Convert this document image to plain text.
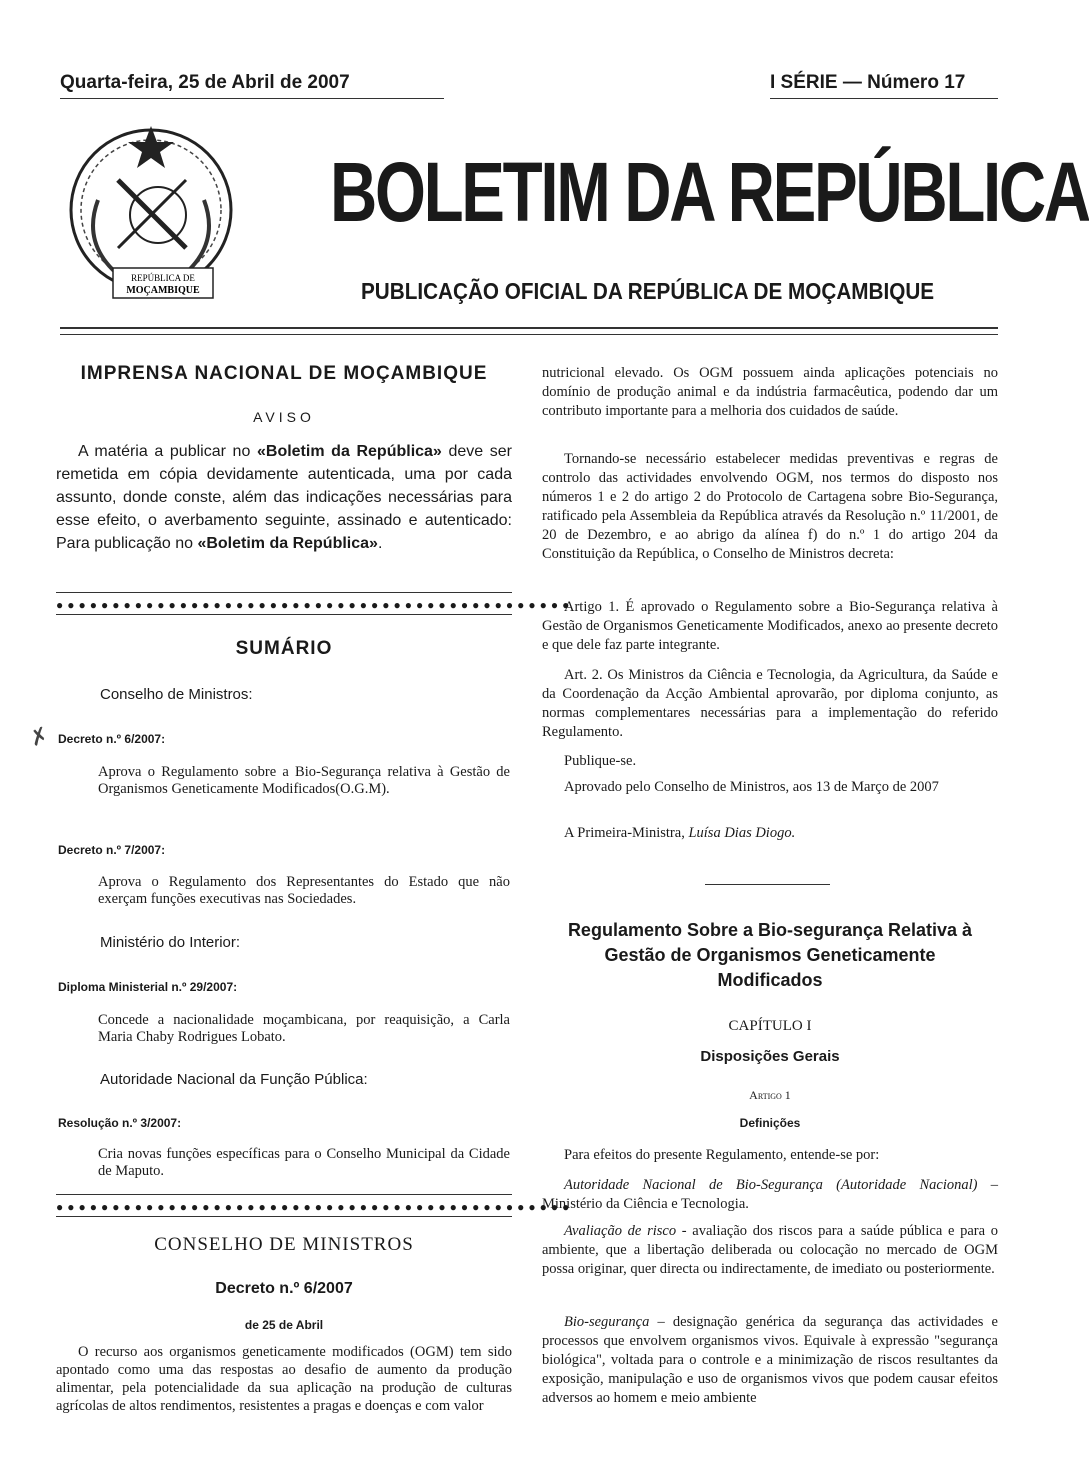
Quarta-feira, 25 de Abril de 2007	I SÉRIE — Número 17
REPÚBLICA DE
MOÇAMBIQUE
BOLETIM DA REPÚBLICA
PUBLICAÇÃO OFICIAL DA REPÚBLICA DE MOÇAMBIQUE
IMPRENSA NACIONAL DE MOÇAMBIQUE
AVISO
A matéria a publicar no «Boletim da República» deve ser remetida em cópia devidamente autenticada, uma por cada assunto, donde conste, além das indicações necessárias para esse efeito, o averbamento seguinte, assinado e autenticado: Para publicação no «Boletim da República».
●●●●●●●●●●●●●●●●●●●●●●●●●●●●●●●●●●●●●●●●●●●●●●
SUMÁRIO
Conselho de Ministros:
✗ Decreto n.º 6/2007:
Aprova o Regulamento sobre a Bio-Segurança relativa à Gestão de Organismos Geneticamente Modificados(O.G.M).
Decreto n.º 7/2007:
Aprova o Regulamento dos Representantes do Estado que não exerçam funções executivas nas Sociedades.
Ministério do Interior:
Diploma Ministerial n.º 29/2007:
Concede a nacionalidade moçambicana, por reaquisição, a Carla Maria Chaby Rodrigues Lobato.
Autoridade Nacional da Função Pública:
Resolução n.º 3/2007:
Cria novas funções específicas para o Conselho Municipal da Cidade de Maputo.
●●●●●●●●●●●●●●●●●●●●●●●●●●●●●●●●●●●●●●●●●●●●●●
CONSELHO DE MINISTROS
Decreto n.º 6/2007
de 25 de Abril
O recurso aos organismos geneticamente modificados (OGM) tem sido apontado como uma das respostas ao desafio de aumento da produção alimentar, pela potencialidade da sua aplicação na produção de culturas agrícolas de altos rendimentos, resistentes a pragas e doenças e com valor

nutricional elevado. Os OGM possuem ainda aplicações potenciais no domínio de produção animal e da indústria farmacêutica, podendo dar um contributo importante para a melhoria dos cuidados de saúde.

Tornando-se necessário estabelecer medidas preventivas e regras de controlo das actividades envolvendo OGM, nos termos do disposto nos números 1 e 2 do artigo 2 do Protocolo de Cartagena sobre Bio-Segurança, ratificado pela Assembleia da República através da Resolução n.º 11/2001, de 20 de Dezembro, e ao abrigo da alínea f) do n.º 1 do artigo 204 da Constituição da República, o Conselho de Ministros decreta:

Artigo 1. É aprovado o Regulamento sobre a Bio-Segurança relativa à Gestão de Organismos Geneticamente Modificados, anexo ao presente decreto e que dele faz parte integrante.

Art. 2. Os Ministros da Ciência e Tecnologia, da Agricultura, da Saúde e da Coordenação da Acção Ambiental aprovarão, por diploma conjunto, as normas complementares necessárias para a implementação do referido Regulamento.

Publique-se.

Aprovado pelo Conselho de Ministros, aos 13 de Março de 2007

A Primeira-Ministra, Luísa Dias Diogo.

Regulamento Sobre a Bio-segurança Relativa à Gestão de Organismos Geneticamente Modificados
CAPÍTULO I
Disposições Gerais
Artigo 1
Definições

Para efeitos do presente Regulamento, entende-se por:

Autoridade Nacional de Bio-Segurança (Autoridade Nacional) – Ministério da Ciência e Tecnologia.

Avaliação de risco - avaliação dos riscos para a saúde pública e para o ambiente, que a libertação deliberada ou colocação no mercado de OGM possa originar, quer directa ou indirectamente, de imediato ou posteriormente.

Bio-segurança – designação genérica da segurança das actividades e processos que envolvem organismos vivos. Equivale à expressão "segurança biológica", voltada para o controle e a minimização de riscos resultantes da exposição, manipulação e uso de organismos vivos que podem causar efeitos adversos ao homem e meio ambiente
